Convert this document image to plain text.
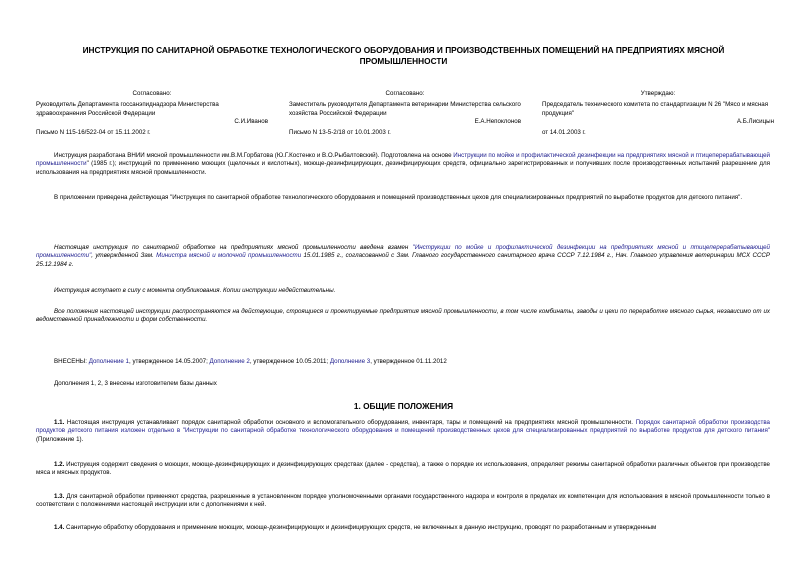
ИНСТРУКЦИЯ ПО САНИТАРНОЙ ОБРАБОТКЕ ТЕХНОЛОГИЧЕСКОГО ОБОРУДОВАНИЯ И ПРОИЗВОДСТВЕННЫХ ПОМЕЩЕНИЙ НА ПРЕДПРИЯТИЯХ МЯСНОЙ ПРОМЫШЛЕННОСТИ
Согласовано:
Руководитель Департамента госсанэпиднадзора Министерства здравоохранения Российской Федерации
С.И.Иванов
Письмо N 115-16/522-04 от 15.11.2002 г.
Согласовано:
Заместитель руководителя Департамента ветеринарии Министерства сельского хозяйства Российской Федерации
Е.А.Непоклонов
Письмо N 13-5-2/18 от 10.01.2003 г.
Утверждаю:
Председатель технического комитета по стандартизации N 26 "Мясо и мясная продукция"
А.Б.Лисицын
от 14.01.2003 г.
Инструкция разработана ВНИИ мясной промышленности им.В.М.Горбатова (Ю.Г.Костенко и В.О.Рыбалтовский). Подготовлена на основе Инструкции по мойке и профилактической дезинфекции на предприятиях мясной и птицеперерабатывающей промышленности" (1985 г.); инструкций по применению моющих (щелочных и кислотных), моюще-дезинфицирующих, дезинфицирующих средств, официально зарегистрированных и получивших после производственных испытаний разрешение для использования на предприятиях мясной промышленности.
В приложении приведена действующая "Инструкция по санитарной обработке технологического оборудования и помещений производственных цехов для специализированных предприятий по выработке продуктов для детского питания".
Настоящая инструкция по санитарной обработке на предприятиях мясной промышленности введена взамен "Инструкции по мойке и профилактической дезинфекции на предприятиях мясной и птицеперерабатывающей промышленности", утвержденной Зам. Министра мясной и молочной промышленности 15.01.1985 г., согласованной с Зам. Главного государственного санитарного врача СССР 7.12.1984 г., Нач. Главного управления ветеринарии МСХ СССР 25.12.1984 г.
Инструкция вступает в силу с момента опубликования. Копии инструкции недействительны.
Все положения настоящей инструкции распространяются на действующие, строящиеся и проектируемые предприятия мясной промышленности, в том числе комбинаты, заводы и цехи по переработке мясного сырья, независимо от их ведомственной принадлежности и форм собственности.
ВНЕСЕНЫ: Дополнение 1, утвержденное 14.05.2007; Дополнение 2, утвержденное 10.05.2011; Дополнение 3, утвержденное 01.11.2012
Дополнения 1, 2, 3 внесены изготовителем базы данных
1. ОБЩИЕ ПОЛОЖЕНИЯ
1.1. Настоящая инструкция устанавливает порядок санитарной обработки основного и вспомогательного оборудования, инвентаря, тары и помещений на предприятиях мясной промышленности. Порядок санитарной обработки производства продуктов детского питания изложен отдельно в "Инструкции по санитарной обработке технологического оборудования и помещений производственных цехов для специализированных предприятий по выработке продуктов для детского питания" (Приложение 1).
1.2. Инструкция содержит сведения о моющих, моюще-дезинфицирующих и дезинфицирующих средствах (далее - средства), а также о порядке их использования, определяет режимы санитарной обработки различных объектов при производстве мяса и мясных продуктов.
1.3. Для санитарной обработки применяют средства, разрешенные в установленном порядке уполномоченными органами государственного надзора и контроля в пределах их компетенции для использования в мясной промышленности только в соответствии с положениями настоящей инструкции или с дополнениями к ней.
1.4. Санитарную обработку оборудования и применение моющих, моюще-дезинфицирующих и дезинфицирующих средств, не включенных в данную инструкцию, проводят по разработанным и утвержденным
